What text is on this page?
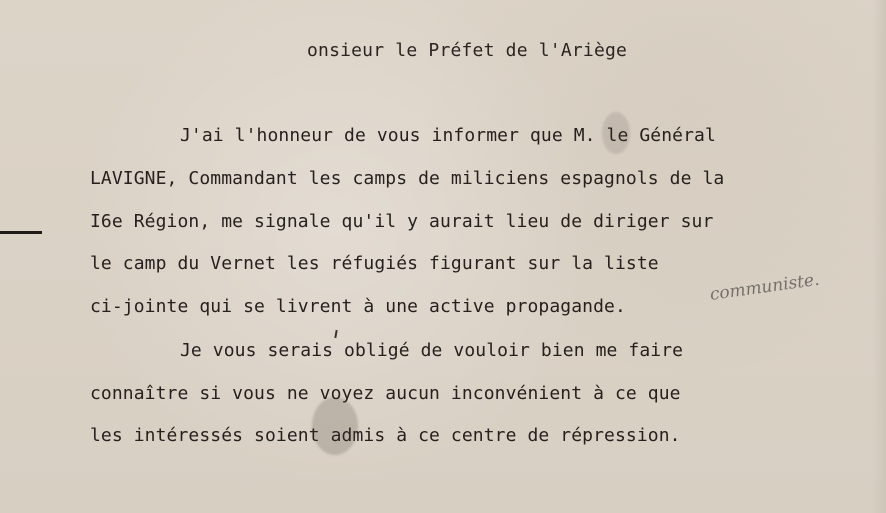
onsieur le Préfet de l'Ariège
J'ai l'honneur de vous informer que M. le Général
LAVIGNE, Commandant les camps de miliciens espagnols de la
I6e Région, me signale qu'il y aurait lieu de diriger sur
le camp du Vernet les réfugiés figurant sur la liste
ci-jointe qui se livrent à une active propagande.
Je vous serais obligé de vouloir bien me faire
connaître si vous ne voyez aucun inconvénient à ce que
les intéressés soient admis à ce centre de répression.
communiste.
